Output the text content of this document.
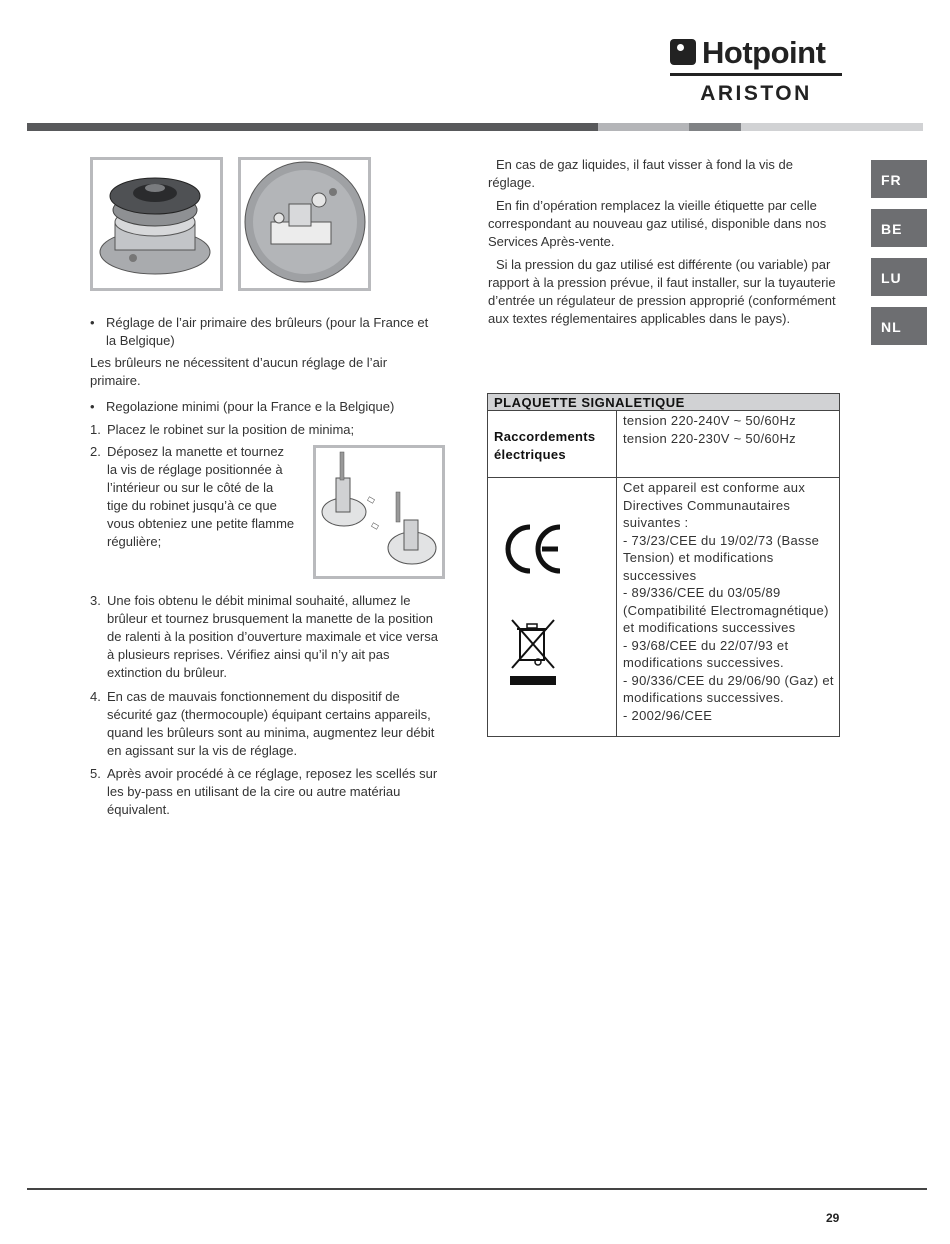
Hotpoint
ARISTON
FR
BE
LU
NL
• Réglage de l’air primaire des brûleurs (pour la France et la Belgique)
Les brûleurs ne nécessitent d’aucun réglage de l’air primaire.
• Regolazione minimi (pour la France e la Belgique)
1. Placez le robinet sur la position de minima;
2. Déposez la manette et tournez la vis de réglage positionnée à l’intérieur ou sur le côté de la tige du robinet jusqu’à ce que vous obteniez une petite flamme régulière;
3. Une fois obtenu le débit minimal souhaité, allumez le brûleur et tournez brusquement la manette de la position de ralenti à la position d’ouverture maximale et vice versa à plusieurs reprises. Vérifiez ainsi qu’il n’y ait pas extinction du brûleur.
4. En cas de mauvais fonctionnement du dispositif de sécurité gaz (thermocouple) équipant certains appareils, quand les brûleurs sont au minima, augmentez leur débit en agissant sur la vis de réglage.
5. Après avoir procédé à ce réglage, reposez les scellés sur les by-pass en utilisant de la cire ou autre matériau équivalent.
En cas de gaz liquides, il faut visser à fond la vis de réglage.
En fin d’opération remplacez la vieille étiquette par celle correspondant au nouveau gaz utilisé, disponible dans nos Services Après-vente.
Si la pression du gaz utilisé est différente (ou variable) par rapport à la pression prévue, il faut installer, sur la tuyauterie d’entrée un régulateur de pression approprié (conformément aux textes réglementaires applicables dans le pays).
PLAQUETTE SIGNALETIQUE
Raccordements électriques
tension 220-240V ~ 50/60Hz
tension 220-230V ~ 50/60Hz
Cet appareil est conforme aux Directives Communautaires suivantes :
- 73/23/CEE du 19/02/73 (Basse Tension) et modifications successives
- 89/336/CEE du 03/05/89 (Compatibilité Electromagnétique) et modifications successives
- 93/68/CEE du 22/07/93 et modifications successives.
- 90/336/CEE du 29/06/90 (Gaz) et modifications successives.
- 2002/96/CEE
29
